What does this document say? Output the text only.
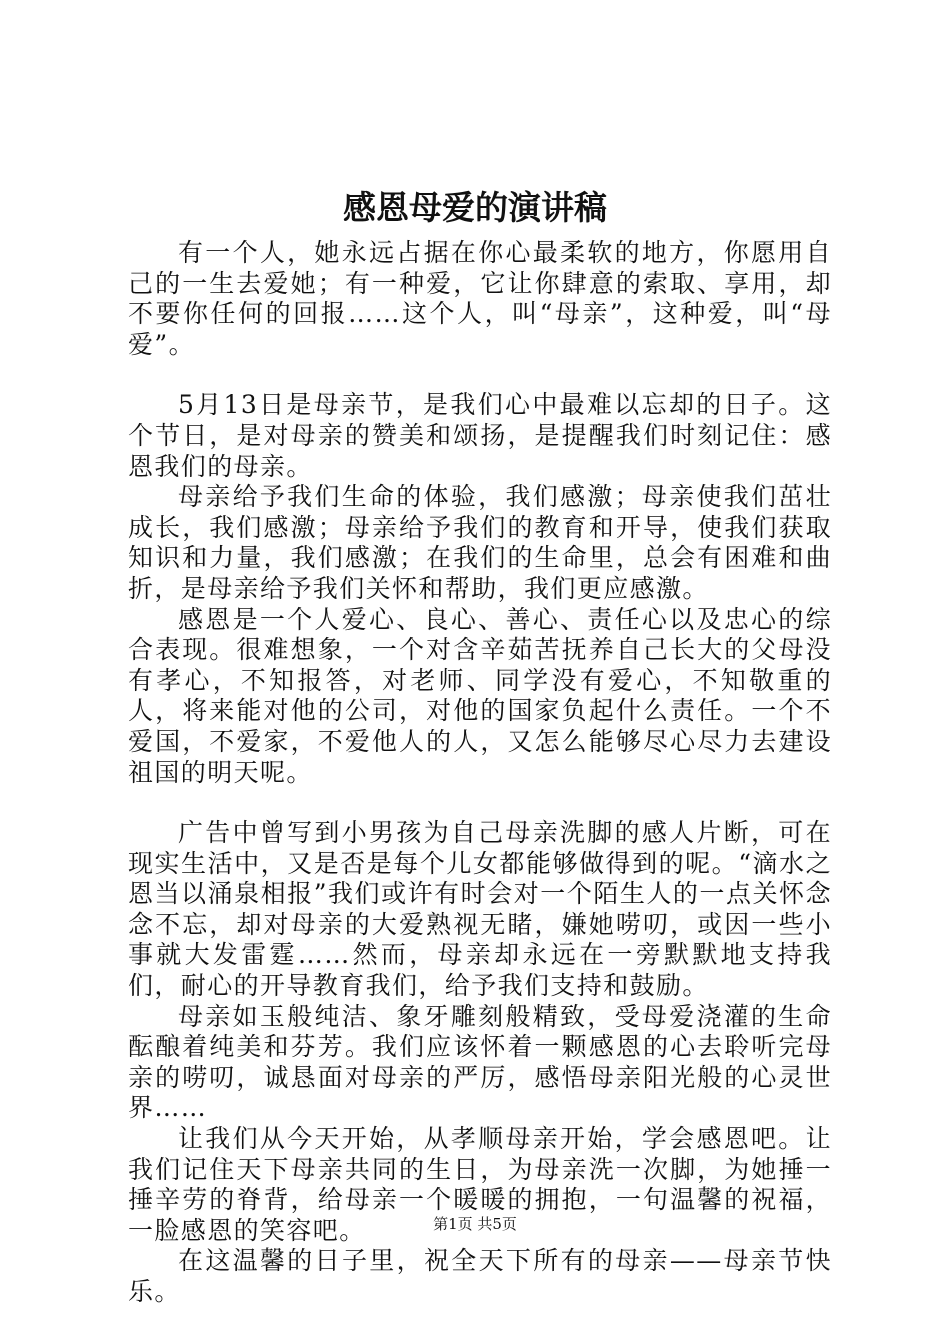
感恩母爱的演讲稿

有一个人，她永远占据在你心最柔软的地方，你愿用自己的一生去爱她；有一种爱，它让你肆意的索取、享用，却不要你任何的回报……这个人，叫“母亲”，这种爱，叫“母爱”。

5月13日是母亲节，是我们心中最难以忘却的日子。这个节日，是对母亲的赞美和颂扬，是提醒我们时刻记住：感恩我们的母亲。

母亲给予我们生命的体验，我们感激；母亲使我们茁壮成长，我们感激；母亲给予我们的教育和开导，使我们获取知识和力量，我们感激；在我们的生命里，总会有困难和曲折，是母亲给予我们关怀和帮助，我们更应感激。

感恩是一个人爱心、良心、善心、责任心以及忠心的综合表现。很难想象，一个对含辛茹苦抚养自己长大的父母没有孝心，不知报答，对老师、同学没有爱心，不知敬重的人，将来能对他的公司，对他的国家负起什么责任。一个不爱国，不爱家，不爱他人的人，又怎么能够尽心尽力去建设祖国的明天呢。

广告中曾写到小男孩为自己母亲洗脚的感人片断，可在现实生活中，又是否是每个儿女都能够做得到的呢。“滴水之恩当以涌泉相报”我们或许有时会对一个陌生人的一点关怀念念不忘，却对母亲的大爱熟视无睹，嫌她唠叨，或因一些小事就大发雷霆……然而，母亲却永远在一旁默默地支持我们，耐心的开导教育我们，给予我们支持和鼓励。

母亲如玉般纯洁、象牙雕刻般精致，受母爱浇灌的生命酝酿着纯美和芬芳。我们应该怀着一颗感恩的心去聆听完母亲的唠叨，诚恳面对母亲的严厉，感悟母亲阳光般的心灵世界……

让我们从今天开始，从孝顺母亲开始，学会感恩吧。让我们记住天下母亲共同的生日，为母亲洗一次脚，为她捶一捶辛劳的脊背，给母亲一个暖暖的拥抱，一句温馨的祝福，一脸感恩的笑容吧。

在这温馨的日子里，祝全天下所有的母亲——母亲节快乐。

第1页 共5页
